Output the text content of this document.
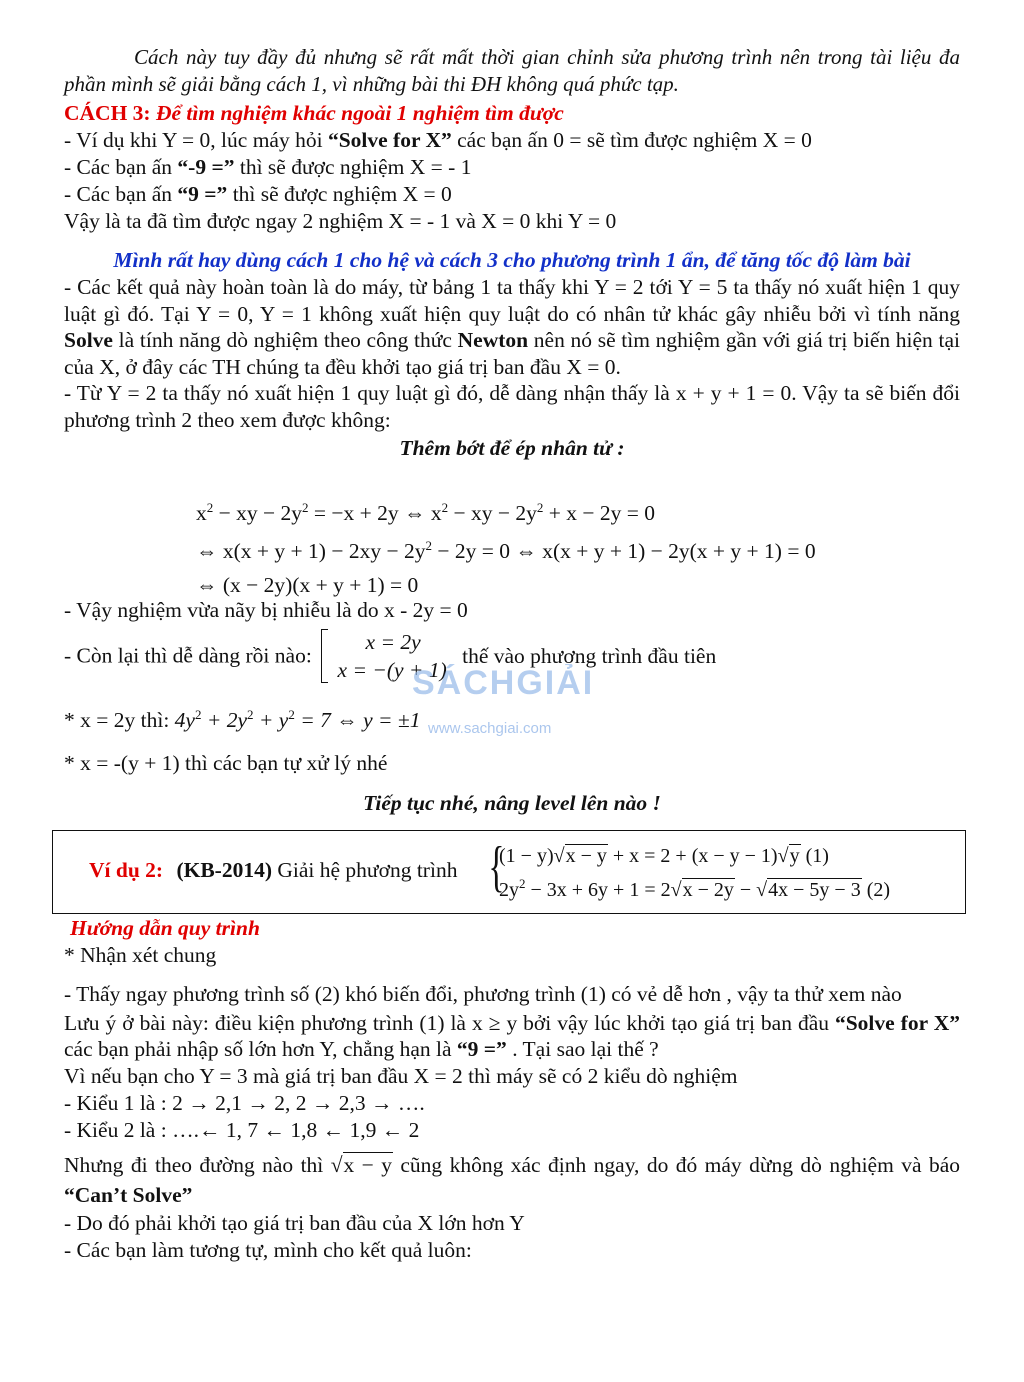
Cách này tuy đầy đủ nhưng sẽ rất mất thời gian chỉnh sửa phương trình nên trong tài liệu đa phần mình sẽ giải bằng cách 1, vì những bài thi ĐH không quá phức tạp.
CÁCH 3: Để tìm nghiệm khác ngoài 1 nghiệm tìm được
- Ví dụ khi Y = 0, lúc máy hỏi “Solve for X” các bạn ấn 0 = sẽ tìm được nghiệm X = 0
- Các bạn ấn “-9 =” thì sẽ được nghiệm X = - 1
- Các bạn ấn “9 =” thì sẽ được nghiệm X = 0
Vậy là ta đã tìm được ngay 2 nghiệm X = - 1 và X = 0 khi Y = 0
Mình rất hay dùng cách 1 cho hệ và cách 3 cho phương trình 1 ẩn, để tăng tốc độ làm bài
- Các kết quả này hoàn toàn là do máy, từ bảng 1 ta thấy khi Y = 2 tới Y = 5 ta thấy nó xuất hiện 1 quy luật gì đó. Tại Y = 0, Y = 1 không xuất hiện quy luật do có nhân tử khác gây nhiễu bởi vì tính năng Solve là tính năng dò nghiệm theo công thức Newton nên nó sẽ tìm nghiệm gần với giá trị biến hiện tại của X, ở đây các TH chúng ta đều khởi tạo giá trị ban đầu X = 0.
- Từ Y = 2 ta thấy nó xuất hiện 1 quy luật gì đó, dễ dàng nhận thấy là x + y + 1 = 0. Vậy ta sẽ biến đổi phương trình 2 theo xem được không:
Thêm bớt để ép nhân tử :
$x^2$ − xy − $2y^2 = -x + 2y$ ⇔ $x^2$ − xy − $2y^2 + x - 2y = 0$
⇔ $x(x + y + 1) - 2xy - 2y^2 - 2y = 0$ ⇔ x(x + y + 1) − 2y(x + y + 1) = 0
⇔ (x − 2y)(x + y + 1) = 0
- Vậy nghiệm vừa nãy bị nhiễu là do x - 2y = 0
- Còn lại thì dễ dàng rồi nào:
x = 2y
x = −(y + 1)
thế vào phương trình đầu tiên
* x = 2y thì: $4y^2 + 2y^2 + y^2 = 7$ ⇔ y = ±1
* x = -(y + 1) thì các bạn tự xử lý nhé
Tiếp tục nhé, nâng level lên nào !
Ví dụ 2: (KB-2014) Giải hệ phương trình {
(1 − y)√x − y + x = 2 + (x − y − 1)√y (1)
$2y^2 - 3x + 6y + 1 = 2√x - 2y - √4x - 5y - 3$ (2)
Hướng dẫn quy trình
* Nhận xét chung
- Thấy ngay phương trình số (2) khó biến đổi, phương trình (1) có vẻ dễ hơn , vậy ta thử xem nào
Lưu ý ở bài này: điều kiện phương trình (1) là x ≥ y bởi vậy lúc khởi tạo giá trị ban đầu “Solve for X” các bạn phải nhập số lớn hơn Y, chẳng hạn là “9 =” . Tại sao lại thế ?
Vì nếu bạn cho Y = 3 mà giá trị ban đầu X = 2 thì máy sẽ có 2 kiểu dò nghiệm
- Kiểu 1 là : 2 → 2,1 → 2, 2 → 2,3 → ….
- Kiểu 2 là : ….← 1, 7 ← 1,8 ← 1,9 ← 2
Nhưng đi theo đường nào thì √x − y cũng không xác định ngay, do đó máy dừng dò nghiệm và báo “Can’t Solve”
- Do đó phải khởi tạo giá trị ban đầu của X lớn hơn Y
- Các bạn làm tương tự, mình cho kết quả luôn:
SÁCHGIẢI
www.sachgiai.com
